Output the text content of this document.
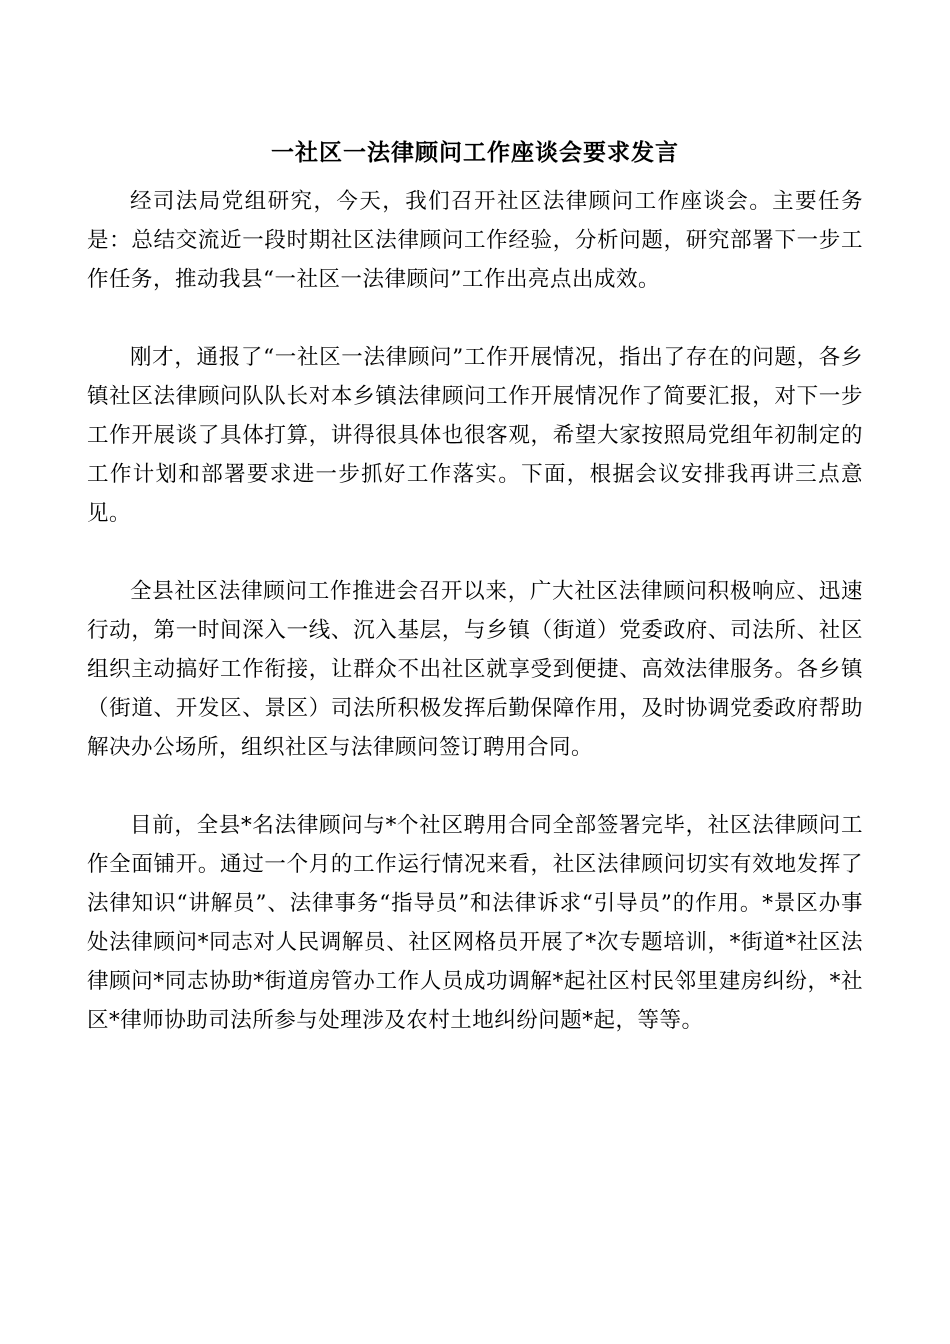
一社区一法律顾问工作座谈会要求发言

经司法局党组研究，今天，我们召开社区法律顾问工作座谈会。主要任务是：总结交流近一段时期社区法律顾问工作经验，分析问题，研究部署下一步工作任务，推动我县“一社区一法律顾问”工作出亮点出成效。

刚才，通报了“一社区一法律顾问”工作开展情况，指出了存在的问题，各乡镇社区法律顾问队队长对本乡镇法律顾问工作开展情况作了简要汇报，对下一步工作开展谈了具体打算，讲得很具体也很客观，希望大家按照局党组年初制定的工作计划和部署要求进一步抓好工作落实。下面，根据会议安排我再讲三点意见。

全县社区法律顾问工作推进会召开以来，广大社区法律顾问积极响应、迅速行动，第一时间深入一线、沉入基层，与乡镇（街道）党委政府、司法所、社区组织主动搞好工作衔接，让群众不出社区就享受到便捷、高效法律服务。各乡镇（街道、开发区、景区）司法所积极发挥后勤保障作用，及时协调党委政府帮助解决办公场所，组织社区与法律顾问签订聘用合同。

目前，全县*名法律顾问与*个社区聘用合同全部签署完毕，社区法律顾问工作全面铺开。通过一个月的工作运行情况来看，社区法律顾问切实有效地发挥了法律知识“讲解员”、法律事务“指导员”和法律诉求“引导员”的作用。*景区办事处法律顾问*同志对人民调解员、社区网格员开展了*次专题培训，*街道*社区法律顾问*同志协助*街道房管办工作人员成功调解*起社区村民邻里建房纠纷，*社区*律师协助司法所参与处理涉及农村土地纠纷问题*起，等等。
